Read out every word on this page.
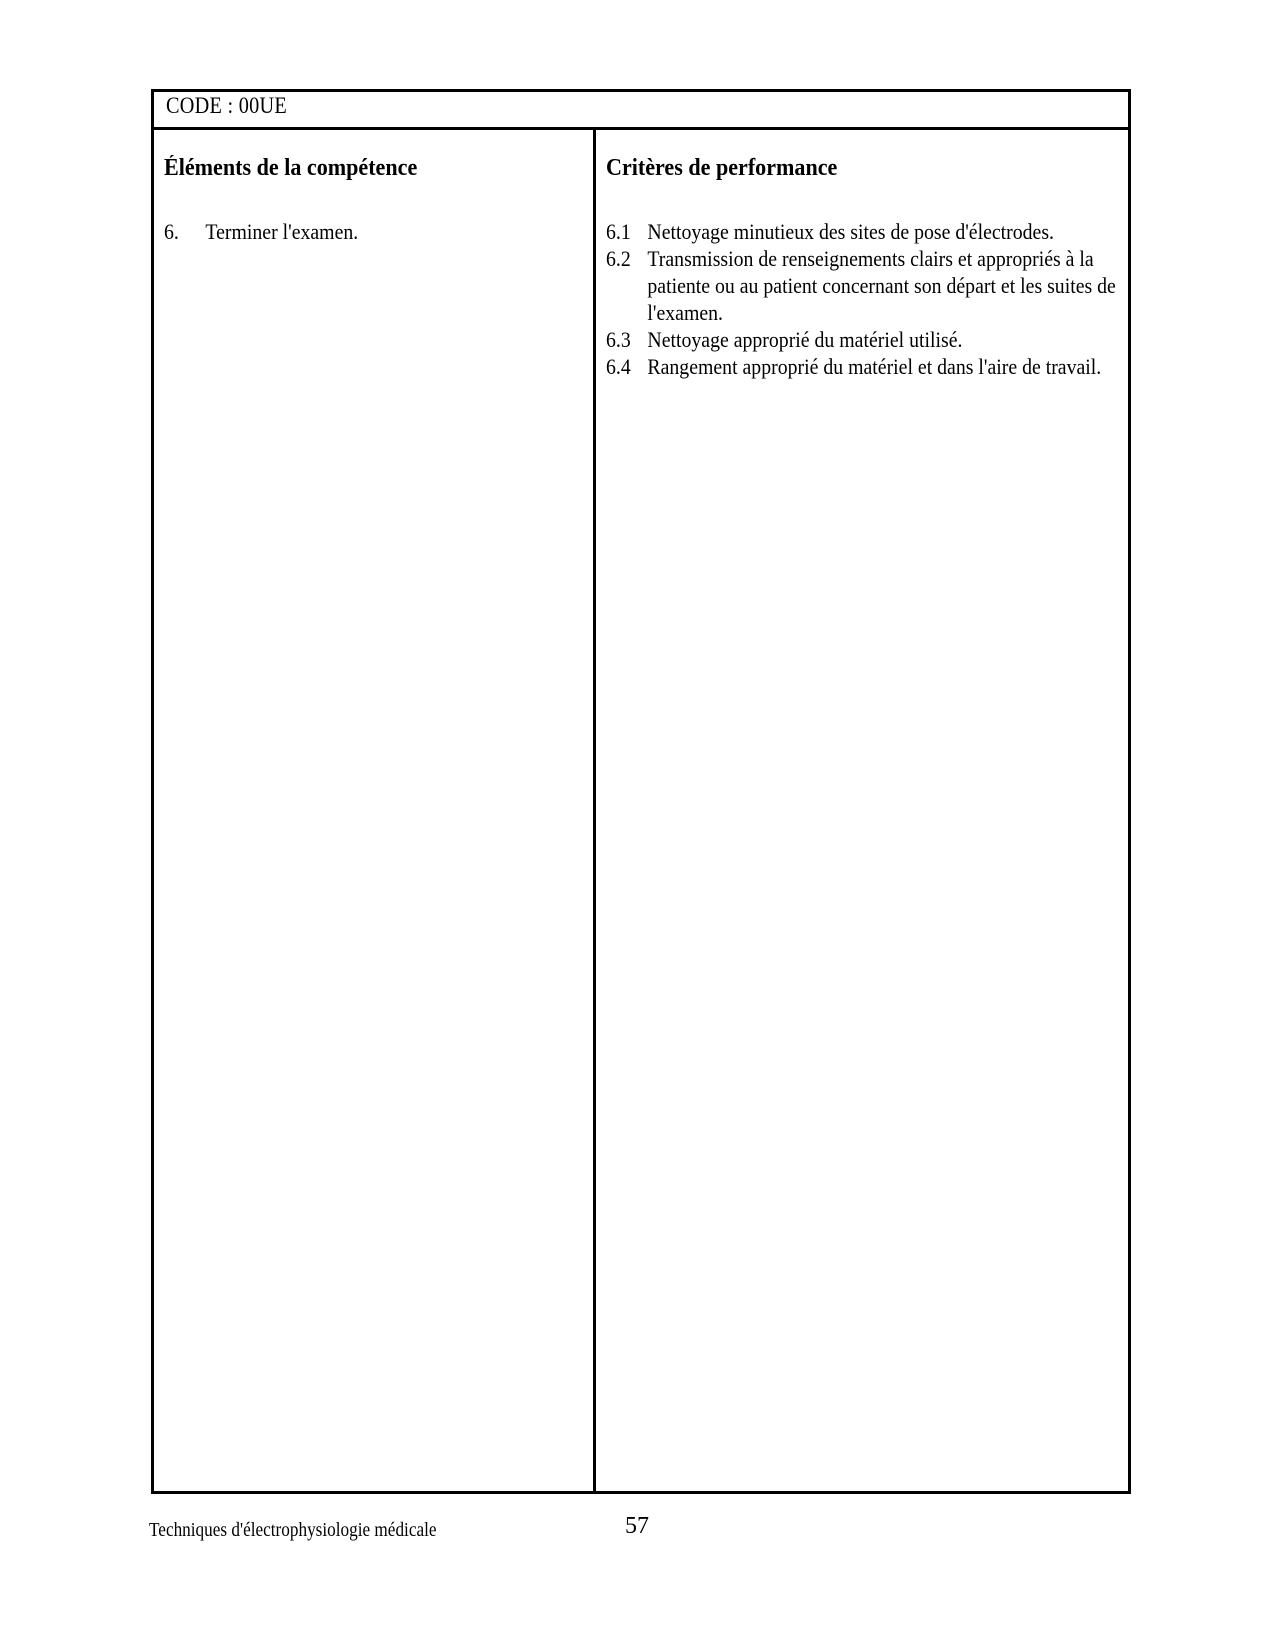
CODE : 00UE
Éléments de la compétence
6.	Terminer l'examen.
Critères de performance
6.1 Nettoyage minutieux des sites de pose d'électrodes.
6.2 Transmission de renseignements clairs et appropriés à la patiente ou au patient concernant son départ et les suites de l'examen.
6.3 Nettoyage approprié du matériel utilisé.
6.4 Rangement approprié du matériel et dans l'aire de travail.
Techniques d'électrophysiologie médicale	57
